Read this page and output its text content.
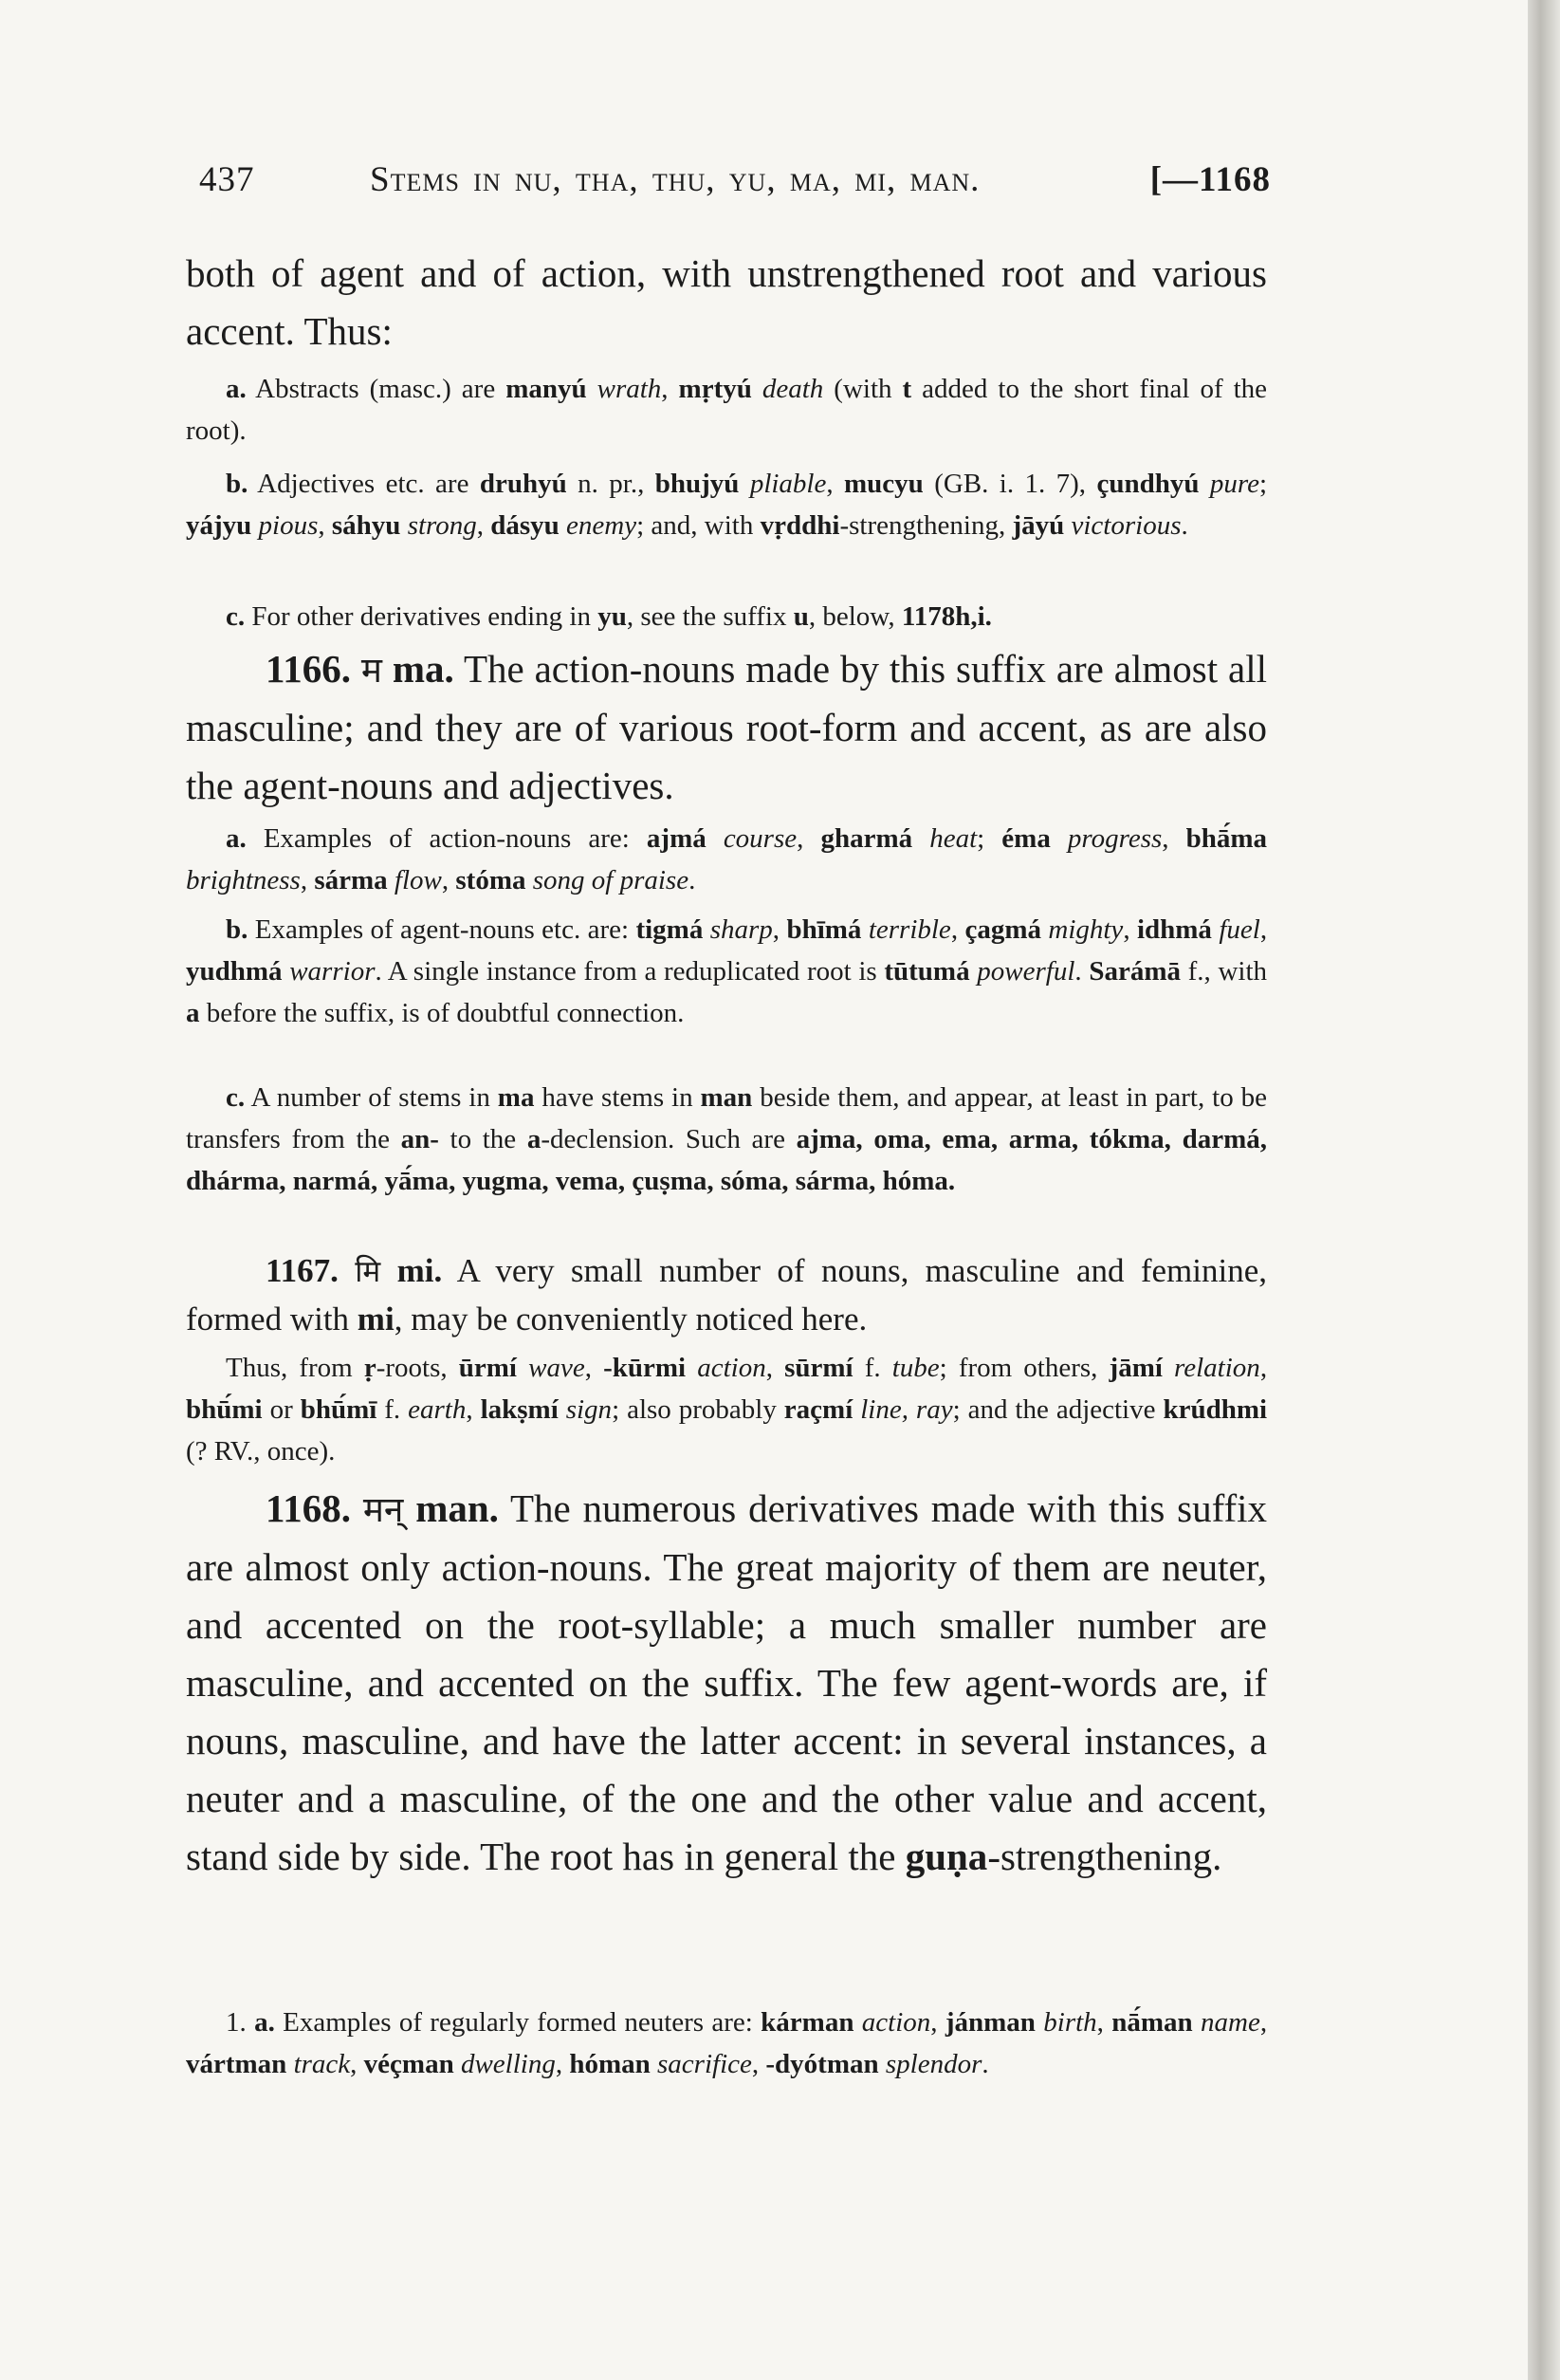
437	Stems in nu, tha, thu, yu, ma, mi, man.	[—1168

both of agent and of action, with unstrengthened root and various accent. Thus:

a. Abstracts (masc.) are manyú wrath, mṛtyú death (with t added to the short final of the root).

b. Adjectives etc. are druhyú n. pr., bhujyú pliable, mucyu (GB. i. 1. 7), çundhyú pure; yájyu pious, sáhyu strong, dásyu enemy; and, with vṛddhi-strengthening, jāyú victorious.

c. For other derivatives ending in yu, see the suffix u, below, 1178h,i.

1166. म ma. The action-nouns made by this suffix are almost all masculine; and they are of various root-form and accent, as are also the agent-nouns and adjectives.

a. Examples of action-nouns are: ajmá course, gharmá heat; éma progress, bhā́ma brightness, sárma flow, stóma song of praise.

b. Examples of agent-nouns etc. are: tigmá sharp, bhīmá terrible, çagmá mighty, idhmá fuel, yudhmá warrior. A single instance from a reduplicated root is tūtumá powerful. Sarámā f., with a before the suffix, is of doubtful connection.

c. A number of stems in ma have stems in man beside them, and appear, at least in part, to be transfers from the an- to the a-declension. Such are ajma, oma, ema, arma, tókma, darmá, dhárma, narmá, yā́ma, yugma, vema, çuṣma, sóma, sárma, hóma.

1167. मि mi. A very small number of nouns, masculine and feminine, formed with mi, may be conveniently noticed here.

Thus, from ṛ-roots, ūrmí wave, -kūrmi action, sūrmí f. tube; from others, jāmí relation, bhū́mi or bhū́mī f. earth, lakṣmí sign; also probably raçmí line, ray; and the adjective krúdhmi (? RV., once).

1168. मन् man. The numerous derivatives made with this suffix are almost only action-nouns. The great majority of them are neuter, and accented on the root-syllable; a much smaller number are masculine, and accented on the suffix. The few agent-words are, if nouns, masculine, and have the latter accent: in several instances, a neuter and a masculine, of the one and the other value and accent, stand side by side. The root has in general the guṇa-strengthening.

1. a. Examples of regularly formed neuters are: kárman action, jánman birth, nā́man name, vártman track, véçman dwelling, hóman sacrifice, -dyótman splendor.
